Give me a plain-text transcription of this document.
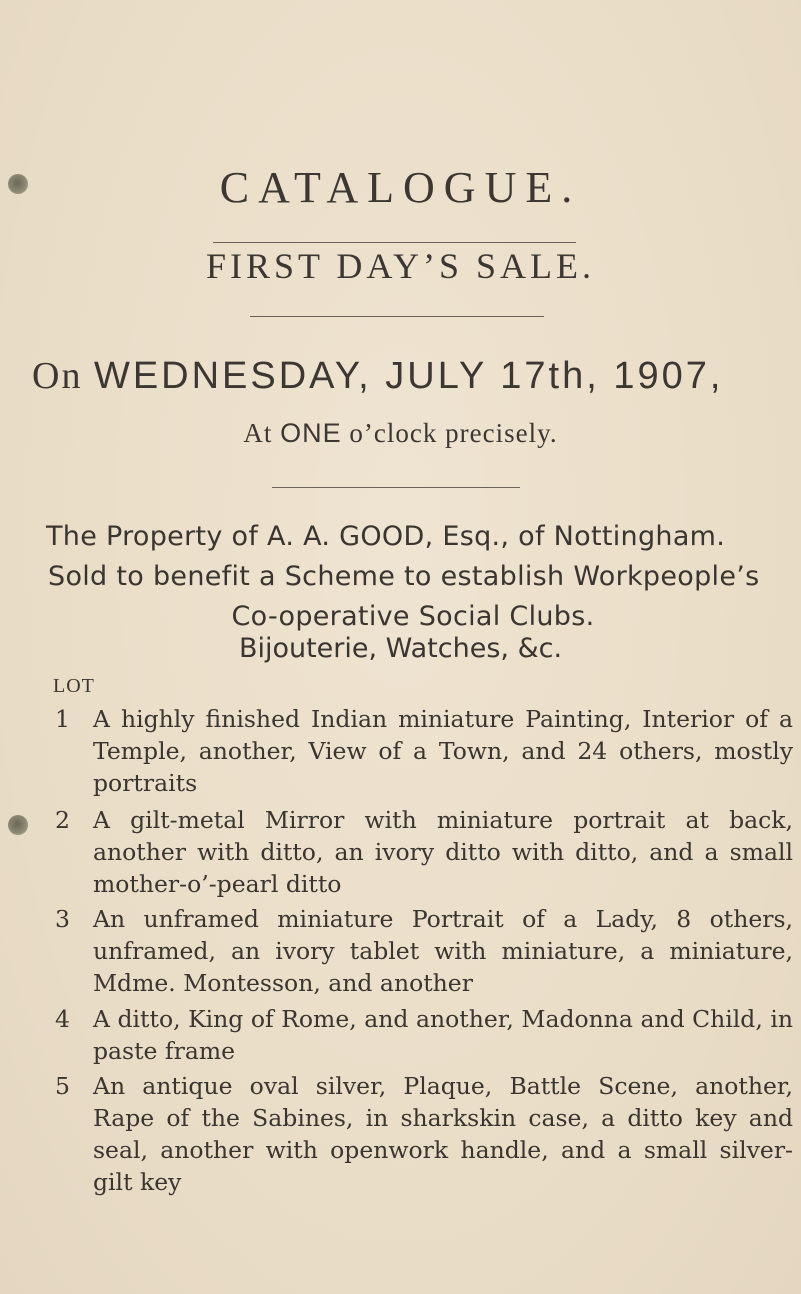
CATALOGUE.
FIRST DAY’S SALE.
On WEDNESDAY, JULY 17th, 1907,
At ONE o’clock precisely.
The Property of A. A. GOOD, Esq., of Nottingham.
Sold to benefit a Scheme to establish Workpeople’s
Co-operative Social Clubs.
Bijouterie, Watches, &c.
LOT
1 A highly finished Indian miniature Painting, Interior of a Temple, another, View of a Town, and 24 others, mostly portraits
2 A gilt-metal Mirror with miniature portrait at back, another with ditto, an ivory ditto with ditto, and a small mother-o’-pearl ditto
3 An unframed miniature Portrait of a Lady, 8 others, unframed, an ivory tablet with miniature, a miniature, Mdme. Montesson, and another
4 A ditto, King of Rome, and another, Madonna and Child, in paste frame
5 An antique oval silver, Plaque, Battle Scene, another, Rape of the Sabines, in sharkskin case, a ditto key and seal, another with openwork handle, and a small silver-gilt key
